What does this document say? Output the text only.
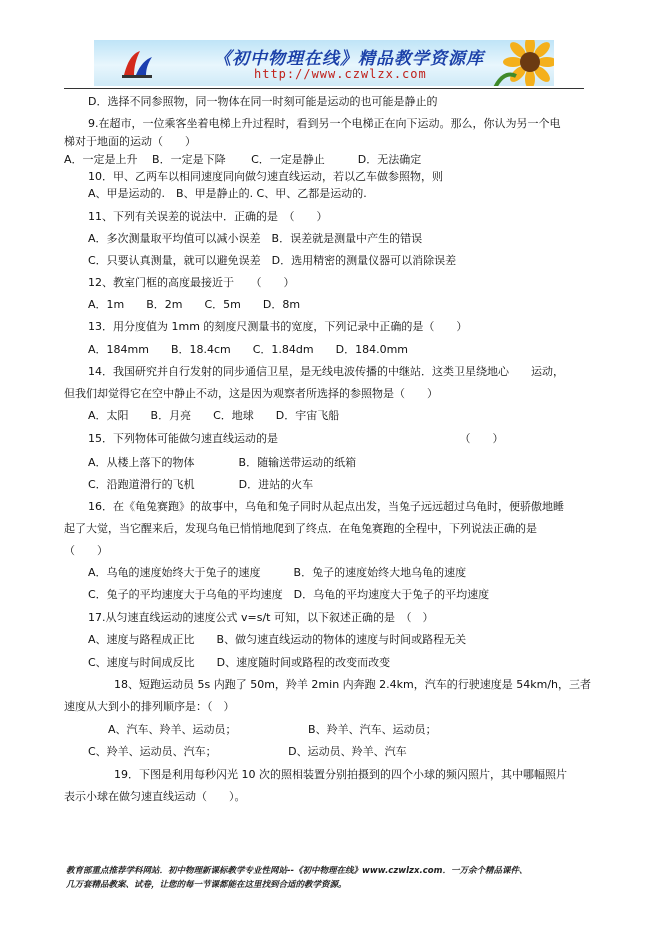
《初中物理在线》精品教学资源库
http://www.czwlzx.com
D．选择不同参照物，同一物体在同一时刻可能是运动的也可能是静止的
9.在超市，一位乘客坐着电梯上升过程时，看到另一个电梯正在向下运动。那么，你认为另一个电
梯对于地面的运动（　　）
A．一定是上升　 B．一定是下降　　 C．一定是静止　　　D．无法确定
10．甲、乙两车以相同速度同向做匀速直线运动，若以乙车做参照物，则
A、甲是运动的.　B、甲是静止的. C、甲、乙都是运动的.
11、下列有关误差的说法中．正确的是　（　　）
A．多次测量取平均值可以减小误差　B．误差就是测量中产生的错误
C．只要认真测量，就可以避免误差　D．选用精密的测量仪器可以消除误差
12、教室门框的高度最接近于　　（　　）
A．1m　　B．2m　　C．5m　　D．8m
13．用分度值为 1mm 的刻度尺测量书的宽度，下列记录中正确的是（　　）
A．184mm　　B．18.4cm　　C．1.84dm　　D．184.0mm
14．我国研究并自行发射的同步通信卫星，是无线电波传播的中继站．这类卫星绕地心　　运动，
但我们却觉得它在空中静止不动，这是因为观察者所选择的参照物是（　　）
A．太阳　　B．月亮　　C．地球　　D．宇宙飞船
15．下列物体可能做匀速直线运动的是　　　　　　　　　　　　　　　　　（　　）
A．从楼上落下的物体　　　　B．随输送带运动的纸箱
C．沿跑道滑行的飞机　　　　D．进站的火车
16．在《龟兔赛跑》的故事中，乌龟和兔子同时从起点出发，当兔子远远超过乌龟时，便骄傲地睡
起了大觉，当它醒来后，发现乌龟已悄悄地爬到了终点．在龟兔赛跑的全程中，下列说法正确的是
（　　）
A．乌龟的速度始终大于兔子的速度　　　B．兔子的速度始终大地乌龟的速度
C．兔子的平均速度大于乌龟的平均速度　D．乌龟的平均速度大于兔子的平均速度
17.从匀速直线运动的速度公式 v=s/t 可知，以下叙述正确的是　（　）
A、速度与路程成正比　　B、做匀速直线运动的物体的速度与时间或路程无关
C、速度与时间成反比　　D、速度随时间或路程的改变而改变
18、短跑运动员 5s 内跑了 50m，羚羊 2min 内奔跑 2.4km，汽车的行驶速度是 54km/h，三者
速度从大到小的排列顺序是：（　）
A、汽车、羚羊、运动员；　　　　　　　B、羚羊、汽车、运动员；
C、羚羊、运动员、汽车；　　　　　　　D、运动员、羚羊、汽车
19．下图是利用每秒闪光 10 次的照相装置分别拍摄到的四个小球的频闪照片，其中哪幅照片
表示小球在做匀速直线运动（　　）。
教育部重点推荐学科网站．初中物理新课标教学专业性网站--《初中物理在线》www.czwlzx.com．一万余个精品课件、
几万套精品教案、试卷，让您的每一节课都能在这里找到合适的教学资源。
